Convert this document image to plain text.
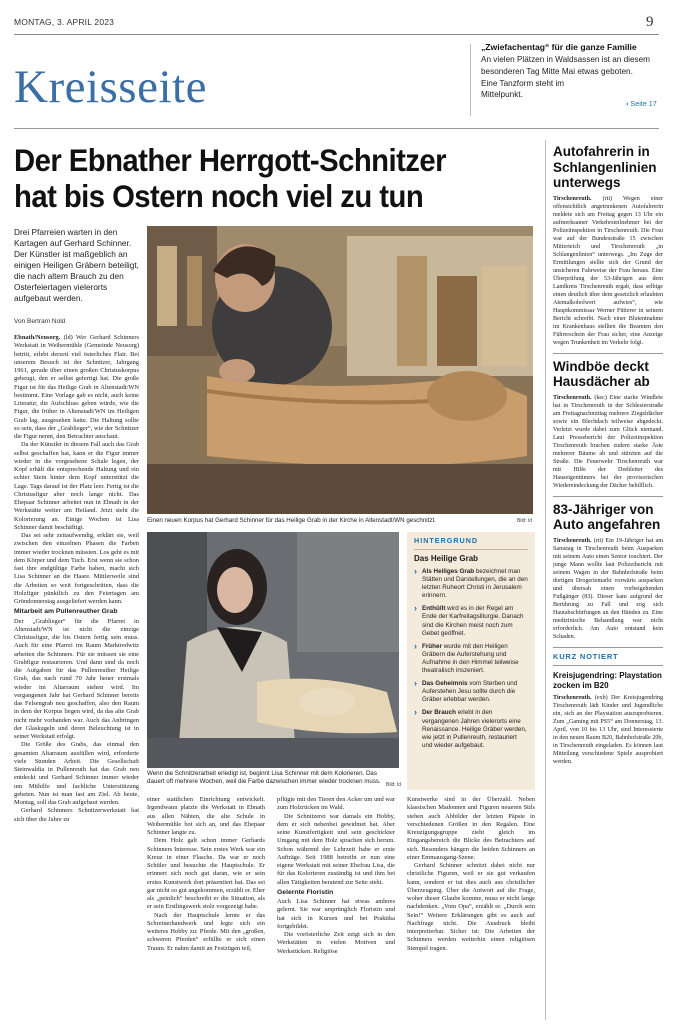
MONTAG, 3. APRIL 2023	9
Kreisseite
„Zwiefachentag“ für die ganze Familie
An vielen Plätzen in Waldsassen ist an diesem
besonderen Tag Mitte Mai etwas geboten.
Eine Tanzform steht im
Mittelpunkt.
› Seite 17
Der Ebnather Herrgott-Schnitzer
hat bis Ostern noch viel zu tun
Drei Pfarreien warten in den Kartagen auf Gerhard Schinner. Der Künstler ist maßgeblich an einigen Heiligen Gräbern beteiligt, die nach altem Brauch zu den Osterfeiertagen vielerorts aufgebaut werden.
Von Bertram Nold
Einen neuen Korpus hat Gerhard Schinner für das Heilige Grab in der Kirche in Altenstadt/WN geschnitzt.	Bild: ld
Wenn die Schnitzerarbeit erledigt ist, beginnt Lisa Schinner mit dem Kolorieren. Das dauert oft mehrere Wochen, weil die Farbe dazwischen immer wieder trocknen muss.	Bild: ld
HINTERGRUND
Das Heilige Grab
› Als Heiliges Grab bezeichnet man Stätten und Darstellungen, die an den letzten Ruheort Christi in Jerusalem erinnern.
› Enthüllt wird es in der Regel am Ende der Karfreitagsliturgie. Danach sind die Kirchen meist noch zum Gebet geöffnet.
› Früher wurde mit den Heiligen Gräbern die Auferstehung und Aufnahme in den Himmel teilweise theatralisch inszeniert.
› Das Geheimnis vom Sterben und Auferstehen Jesu sollte durch die Gräber erlebbar werden.
› Der Brauch erlebt in den vergangenen Jahren vielerorts eine Renaissance. Heilige Gräber werden, wie jetzt in Pullenreuth, restauriert und wieder aufgebaut.

Ebnath/Neusorg. (ld) Wer Gerhard Schinners Werkstatt in Weihermühle (Gemeinde Neusorg) betritt, erlebt derzeit viel österliches Flair. Bei unserem Besuch ist der Schnitzer, Jahrgang 1961, gerade über einen großen Christuskorpus gebeugt, den er selbst gefertigt hat. Die große Figur ist für das Heilige Grab in Altenstadt/WN bestimmt. Eine Vorlage gab es nicht, auch keine Literatur, die Aufschluss geben würde, wie die Figur, die früher in Altenstadt/WN im Heiligen Grab lag, ausgesehen hatte. Die Haltung sollte so sein, dass der „Grablieger“, wie der Schnitzer die Figur nennt, den Betrachter anschaut.

Da der Künstler in diesem Fall auch das Grab selbst geschaffen hat, kann er die Figur immer wieder in die vorgesehene Schale legen, der Kopf erhält die entsprechende Haltung und ein echter Stein hinter dem Kopf unterstützt die Lage. Tags darauf ist der Platz leer. Fertig ist die Christusfigur aber noch lange nicht. Das Ehepaar Schinner arbeitet nun in Ebnath in der Werkstätte weiter am Heiland. Jetzt steht die Kolorierung an. Einige Wochen ist Lisa Schinner damit beschäftigt.

Das sei sehr zeitaufwendig, erklärt sie, weil zwischen den einzelnen Phasen die Farben immer wieder trocknen müssten. Los geht es mit dem Körper und dem Tuch. Erst wenn sie schon fast ihre endgültige Farbe haben, macht sich Lisa Schinner an die Haare. Mittlerweile sind die Arbeiten so weit fortgeschritten, dass die Holzfigur pünktlich zu den Feiertagen am Gründonnerstag ausgeliefert werden kann.

Mitarbeit am Pullenreuther Grab

Der „Grablieger“ für die Pfarrei in Altenstadt/WN ist nicht die einzige Christusfigur, die bis Ostern fertig sein muss. Auch für eine Pfarrei im Raum Marktredwitz arbeiten die Schinners. Für sie müssen sie eine Grabfigur restaurieren. Und dann sind da noch die Aufgaben für das Pullenreuther Heilige Grab, das nach rund 70 Jahr heuer erstmals wieder im Altarraum stehen wird. Im vergangenen Jahr hat Gerhard Schinner bereits das Felsengrab neu geschaffen, also den Raum in dem der Korpus liegen wird, da das alte Grab nicht mehr vorhanden war. Auch das Anbringen der Glaskugeln und deren Beleuchtung ist in seiner Werkstatt erfolgt.

Die Größe des Grabs, das einmal den gesamten Altarraum ausfüllen wird, erforderte viele Stunden Arbeit. Die Gesellschaft Steinwaldia in Pullenreuth hat das Grab neu entdeckt und Gerhard Schinner immer wieder um Mithilfe und fachliche Unterstützung gebeten. Nun ist man fast am Ziel. Ab heute, Montag, soll das Grab aufgebaut werden.

Gerhard Schinners Schnitzerwerkstatt hat sich über die Jahre zu

einer stattlichen Einrichtung entwickelt. Irgendwann platzte die Werkstatt in Ebnath aus allen Nähten, die alte Schule in Weihermühle bot sich an, und das Ehepaar Schinner langte zu.

Dem Holz galt schon immer Gerhards Schinners Interesse. Sein erstes Werk war ein Kreuz in einer Flasche. Da war er noch Schüler und besuchte die Hauptschule. Er erinnert sich noch gut daran, wie er sein erstes Kunstwerk dort präsentiert hat. Das sei gar nicht so gut angekommen, erzählt er. Eher als „peinlich“ beschreibt er die Situation, als er sein Erstlingswerk stolz vorgezeigt habe.

Nach der Hauptschule lernte er das Schreinerhandwerk und legte sich ein weiteres Hobby zu: Pferde. Mit den „großen, schweren Pferden“ erfüllte er sich einen Traum. Er nahm damit an Festzügen teil,

pflügte mit den Tieren den Acker um und war zum Holzrücken im Wald.

Die Schnitzerei war damals ein Hobby, dem er sich nebenbei gewidmet hat. Aber seine Kunstfertigkeit und sein geschickter Umgang mit dem Holz sprachen sich herum. Schon während der Lehrzeit habe er erste Aufträge. Seit 1988 betreibt er nun eine eigene Werkstatt mit seiner Ehefrau Lisa, die für das Kolorieren zuständig ist und ihm bei allen Tätigkeiten beratend zur Seite steht.

Gelernte Floristin

Auch Lisa Schinner hat etwas anderes gelernt. Sie war ursprünglich Floristin und hat sich in Kursen und bei Praktika fortgebildet.

Die vorösterliche Zeit zeigt sich in den Werkstätten in vielen Motiven und Werkstücken. Religiöse

Kunstwerke sind in der Überzahl. Neben klassischen Madonnen und Figuren neueren Stils stehen auch Abbilder der letzten Päpste in verschiedenen Größen in den Regalen. Eine Kreuzigungsgruppe zieht gleich im Eingangsbereich die Blicke des Betrachters auf sich. Besonders hängen die beiden Schinners an einer Emmausgang-Szene.

Gerhard Schinner schnitzt dabei nicht nur christliche Figuren, weil er sie gut verkaufen kann, sondern er tut dies auch aus christlicher Überzeugung. Über die Antwort auf die Frage, woher dieser Glaube komme, muss er nicht lange nachdenken. „Vom Opa“, erzählt er. „Durch sein Sein!“ Weitere Erklärungen gibt es auch auf Nachfrage nicht. Die Ausdruck bleibt interpretierbar. Sicher ist: Die Arbeiten der Schinners werden weiterhin einen religiösen Stempel tragen.

Autofahrerin in Schlangenlinien unterwegs
Tirschenreuth. (rti) Wegen einer offensichtlich angetrunkenen Autofahrerin meldete sich am Freitag gegen 13 Uhr ein aufmerksamer Verkehrsteilnehmer bei der Polizeiinspektion in Tirschenreuth. Die Frau war auf der Bundesstraße 15 zwischen Mitterteich und Tirschenreuth „in Schlangenlinien“ unterwegs. „Im Zuge der Ermittlungen stellte sich der Grund der unsicheren Fahrweise der Frau heraus. Eine Überprüfung der 53-Jährigen aus dem Landkreis Tirschenreuth ergab, dass selbige einen deutlich über dem gesetzlich erlaubten Atemalkoholwert aufwies“, wie Hauptkommissar Werner Fütterer in seinem Bericht schreibt. Nach einer Blutentnahme im Krankenhaus stellten die Beamten den Führerschein der Frau sicher, eine Anzeige wegen Trunkenheit im Verkehr folgt.
Windböe deckt Hausdächer ab
Tirschenreuth. (kec) Eine starke Windböe hat in Tirschenreuth in der Schlesierstraße am Freitagnachmittag mehrere Ziegeldächer sowie ein Blechdach teilweise abgedeckt. Verletzt wurde dabei zum Glück niemand. Laut Pressebericht der Polizeiinspektion Tirschenreuth brachen zudem starke Äste mehrerer Bäume ab und stürzten auf die Straße. Die Feuerwehr Tirschenreuth war mit Hilfe der Drehleiter des Hauseigentümers bei der provisorischen Wiedereindeckung der Dächer behilflich.
83-Jähriger von Auto angefahren
Tirschenreuth. (rti) Ein 19-Jähriger hat am Samstag in Tirschenreuth beim Ausparken mit seinem Auto einen Senior touchiert. Der junge Mann wollte laut Polizeibericht mit seinem Wagen in der Bahnhofstraße beim dortigen Drogeriemarkt vorwärts ausparken und übersah einen vorbeigehenden Fußgänger (83). Dieser kam aufgrund der Berührung zu Fall und zog sich Hautabschürfungen an den Händen zu. Eine medizinische Behandlung war nicht erforderlich. Am Auto entstand kein Schaden.
KURZ NOTIERT
Kreisjugendring: Playstation zocken im B20
Tirschenreuth. (exb) Der Kreisjugendring Tirschenreuth lädt Kinder und Jugendliche ein, sich an der Playstation auszuprobieren. Zum „Gaming mit PS5“ am Donnerstag, 13. April, von 10 bis 13 Uhr, sind Interessierte in den neuen Raum B20, Bahnhofstraße 20b, in Tirschenreuth eingeladen. Es können laut Mitteilung verschiedene Spiele ausprobiert werden.
